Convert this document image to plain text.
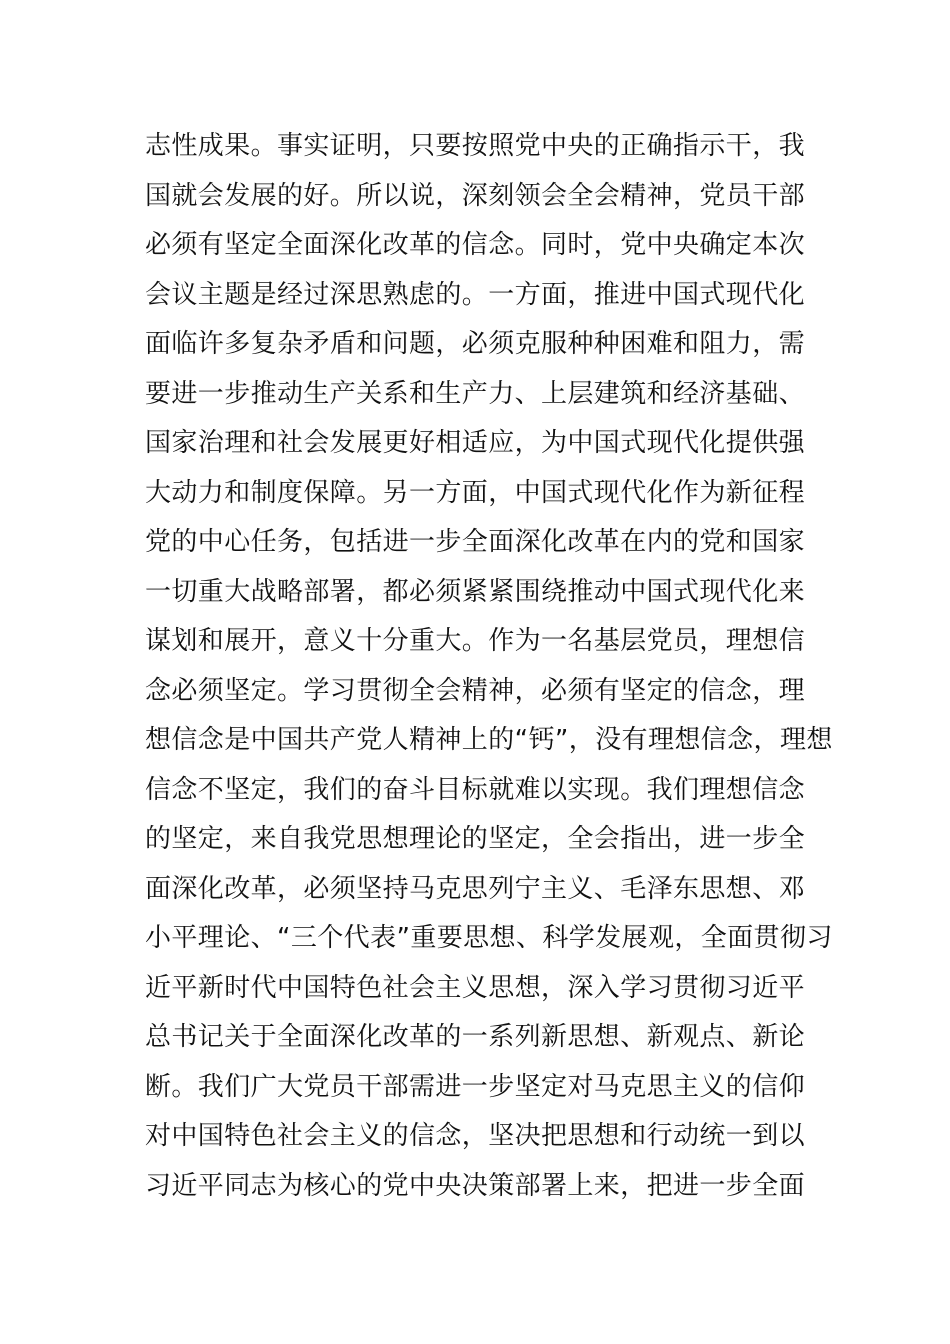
志性成果。事实证明，只要按照党中央的正确指示干，我
国就会发展的好。所以说，深刻领会全会精神，党员干部
必须有坚定全面深化改革的信念。同时，党中央确定本次
会议主题是经过深思熟虑的。一方面，推进中国式现代化
面临许多复杂矛盾和问题，必须克服种种困难和阻力，需
要进一步推动生产关系和生产力、上层建筑和经济基础、
国家治理和社会发展更好相适应，为中国式现代化提供强
大动力和制度保障。另一方面，中国式现代化作为新征程
党的中心任务，包括进一步全面深化改革在内的党和国家
一切重大战略部署，都必须紧紧围绕推动中国式现代化来
谋划和展开，意义十分重大。作为一名基层党员，理想信
念必须坚定。学习贯彻全会精神，必须有坚定的信念，理
想信念是中国共产党人精神上的“钙”，没有理想信念，理想
信念不坚定，我们的奋斗目标就难以实现。我们理想信念
的坚定，来自我党思想理论的坚定，全会指出，进一步全
面深化改革，必须坚持马克思列宁主义、毛泽东思想、邓
小平理论、“三个代表”重要思想、科学发展观，全面贯彻习
近平新时代中国特色社会主义思想，深入学习贯彻习近平
总书记关于全面深化改革的一系列新思想、新观点、新论
断。我们广大党员干部需进一步坚定对马克思主义的信仰
对中国特色社会主义的信念，坚决把思想和行动统一到以
习近平同志为核心的党中央决策部署上来，把进一步全面
